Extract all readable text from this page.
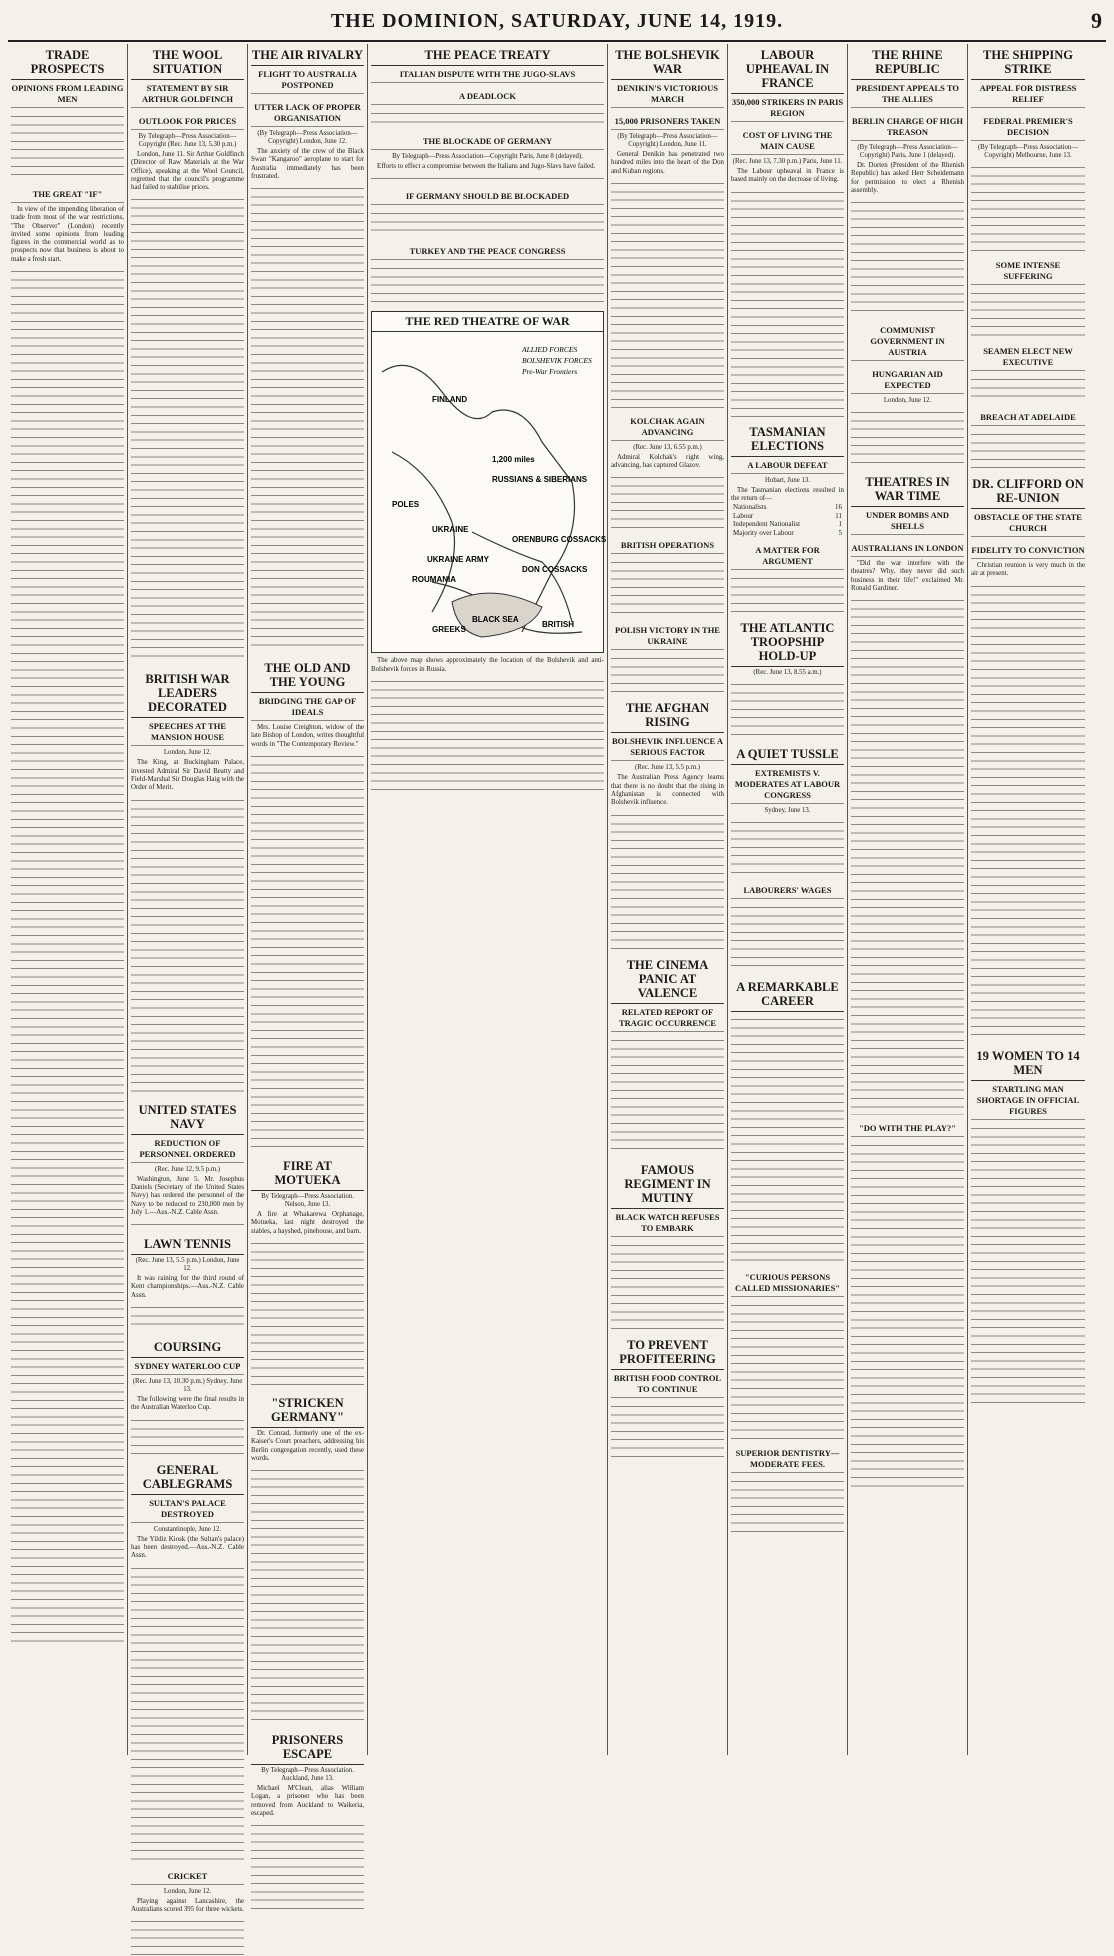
THE DOMINION, SATURDAY, JUNE 14, 1919.	9
TRADE PROSPECTS
OPINIONS FROM LEADING MEN
THE GREAT "IF"

In view of the impending liberation of trade from most of the war restrictions, "The Observer" (London) recently invited some opinions from leading figures in the commercial world as to prospects now that business is about to make a fresh start.

THE WOOL SITUATION
STATEMENT BY SIR ARTHUR GOLDFINCH
OUTLOOK FOR PRICES
By Telegraph—Press Association—Copyright (Rec. June 13, 5.30 p.m.)

London, June 11. Sir Arthur Goldfinch (Director of Raw Materials at the War Office), speaking at the Wool Council, regretted that the council's programme had failed to stabilise prices.

BRITISH WAR LEADERS DECORATED
SPEECHES AT THE MANSION HOUSE
London, June 12.

The King, at Buckingham Palace, invested Admiral Sir David Beatty and Field-Marshal Sir Douglas Haig with the Order of Merit.

UNITED STATES NAVY
REDUCTION OF PERSONNEL ORDERED
(Rec. June 12, 9.5 p.m.)

Washington, June 5. Mr. Josephus Daniels (Secretary of the United States Navy) has ordered the personnel of the Navy to be reduced to 230,000 men by July 1.—Aus.-N.Z. Cable Assn.

LAWN TENNIS
(Rec. June 13, 5.5 p.m.) London, June 12.

It was raining for the third round of Kent championships.—Aus.-N.Z. Cable Assn.

COURSING
SYDNEY WATERLOO CUP
(Rec. June 13, 10.30 p.m.) Sydney, June 13.

The following were the final results in the Australian Waterloo Cup.

GENERAL CABLEGRAMS
SULTAN'S PALACE DESTROYED
Constantinople, June 12.

The Yildiz Kiosk (the Sultan's palace) has been destroyed.—Aus.-N.Z. Cable Assn.

CRICKET
London, June 12.

Playing against Lancashire, the Australians scored 395 for three wickets.

THE AIR RIVALRY
FLIGHT TO AUSTRALIA POSTPONED
UTTER LACK OF PROPER ORGANISATION
(By Telegraph—Press Association—Copyright) London, June 12.

The anxiety of the crew of the Black Swan "Kangaroo" aeroplane to start for Australia immediately has been frustrated.

THE OLD AND THE YOUNG
BRIDGING THE GAP OF IDEALS

Mrs. Louise Creighton, widow of the late Bishop of London, writes thoughtful words in "The Contemporary Review."

FIRE AT MOTUEKA
By Telegraph—Press Association. Nelson, June 13.

A fire at Whakarewa Orphanage, Motueka, last night destroyed the stables, a hayshed, pinehouse, and barn.

"STRICKEN GERMANY"

Dr. Conrad, formerly one of the ex-Kaiser's Court preachers, addressing his Berlin congregation recently, used these words.

PRISONERS ESCAPE
By Telegraph—Press Association. Auckland, June 13.

Michael M'Clean, alias William Logan, a prisoner who has been removed from Auckland to Waikeria, escaped.

THE PEACE TREATY
ITALIAN DISPUTE WITH THE JUGO-SLAVS
A DEADLOCK
THE BLOCKADE OF GERMANY
By Telegraph—Press Association—Copyright Paris, June 8 (delayed).

Efforts to effect a compromise between the Italians and Jugo-Slavs have failed.

IF GERMANY SHOULD BE BLOCKADED
TURKEY AND THE PEACE CONGRESS
THE RED THEATRE OF WAR
FINLAND
RUSSIANS & SIBERIANS
ORENBURG COSSACKS
UKRAINE
ROUMANIA
POLES
BLACK SEA
GREEKS
BRITISH
1,200 miles
UKRAINE ARMY
DON COSSACKS
ALLIED FORCES
BOLSHEVIK FORCES
Pre-War Frontiers

The above map shows approximately the location of the Bolshevik and anti-Bolshevik forces in Russia.

THE BOLSHEVIK WAR
DENIKIN'S VICTORIOUS MARCH
15,000 PRISONERS TAKEN
(By Telegraph—Press Association—Copyright) London, June 11.

General Denikin has penetrated two hundred miles into the heart of the Don and Kuban regions.

KOLCHAK AGAIN ADVANCING
(Rec. June 13, 6.55 p.m.)

Admiral Kolchak's right wing, advancing, has captured Glazov.

BRITISH OPERATIONS
POLISH VICTORY IN THE UKRAINE
THE AFGHAN RISING
BOLSHEVIK INFLUENCE A SERIOUS FACTOR
(Rec. June 13, 5.5 p.m.)

The Australian Press Agency learns that there is no doubt that the rising in Afghanistan is connected with Bolshevik influence.

THE CINEMA PANIC AT VALENCE
RELATED REPORT OF TRAGIC OCCURRENCE
FAMOUS REGIMENT IN MUTINY
BLACK WATCH REFUSES TO EMBARK
TO PREVENT PROFITEERING
BRITISH FOOD CONTROL TO CONTINUE
LABOUR UPHEAVAL IN FRANCE
350,000 STRIKERS IN PARIS REGION
COST OF LIVING THE MAIN CAUSE
(Rec. June 13, 7.30 p.m.) Paris, June 11.

The Labour upheaval in France is based mainly on the decrease of living.

TASMANIAN ELECTIONS
A LABOUR DEFEAT
Hobart, June 13.

The Tasmanian elections resulted in the return of—

Nationalists	16
Labour	11
Independent Nationalist	1
Majority over Labour	5
A MATTER FOR ARGUMENT
THE ATLANTIC TROOPSHIP HOLD-UP
(Rec. June 13, 8.55 a.m.)
A QUIET TUSSLE
EXTREMISTS V. MODERATES AT LABOUR CONGRESS
Sydney, June 13.
LABOURERS' WAGES
A REMARKABLE CAREER
"CURIOUS PERSONS CALLED MISSIONARIES"
SUPERIOR DENTISTRY—MODERATE FEES.
THE RHINE REPUBLIC
PRESIDENT APPEALS TO THE ALLIES
BERLIN CHARGE OF HIGH TREASON
(By Telegraph—Press Association—Copyright) Paris, June 1 (delayed).

Dr. Dorten (President of the Rhenish Republic) has asked Herr Scheidemann for permission to elect a Rhenish assembly.

COMMUNIST GOVERNMENT IN AUSTRIA
HUNGARIAN AID EXPECTED
London, June 12.
THEATRES IN WAR TIME
UNDER BOMBS AND SHELLS
AUSTRALIANS IN LONDON

"Did the war interfere with the theatres? Why, they never did such business in their life!" exclaimed Mr. Ronald Gardiner.

"DO WITH THE PLAY?"
THE SHIPPING STRIKE
APPEAL FOR DISTRESS RELIEF
FEDERAL PREMIER'S DECISION
(By Telegraph—Press Association—Copyright) Melbourne, June 13.
SOME INTENSE SUFFERING
SEAMEN ELECT NEW EXECUTIVE
BREACH AT ADELAIDE
DR. CLIFFORD ON RE-UNION
OBSTACLE OF THE STATE CHURCH
FIDELITY TO CONVICTION

Christian reunion is very much in the air at present.

19 WOMEN TO 14 MEN
STARTLING MAN SHORTAGE IN OFFICIAL FIGURES
